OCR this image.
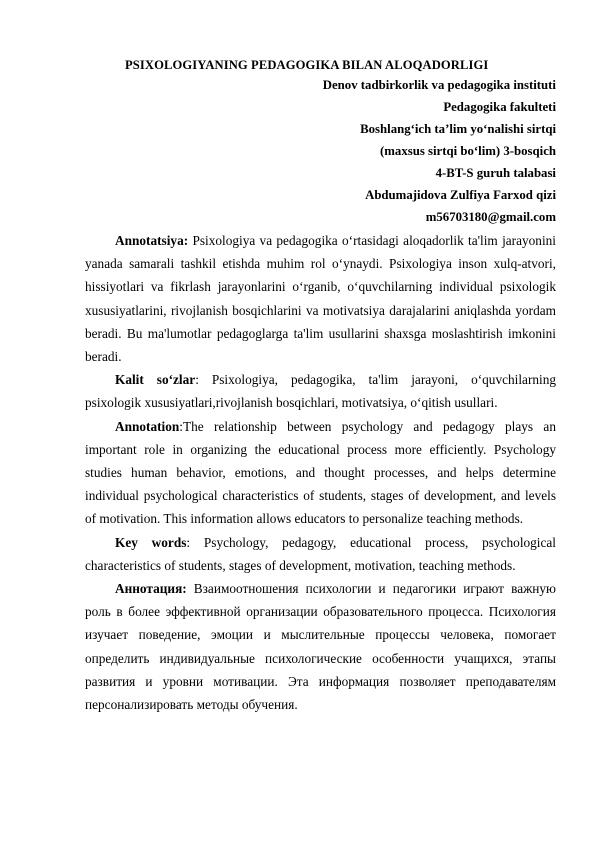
PSIXOLOGIYANING PEDAGOGIKA BILAN ALOQADORLIGI
Denov tadbirkorlik va pedagogika instituti
Pedagogika fakulteti
Boshlang‘ich ta’lim yo‘nalishi sirtqi
(maxsus sirtqi bo‘lim) 3-bosqich
4-BT-S guruh talabasi
Abdumajidova Zulfiya Farxod qizi
m56703180@gmail.com

Annotatsiya: Psixologiya va pedagogika o‘rtasidagi aloqadorlik ta'lim jarayonini yanada samarali tashkil etishda muhim rol o‘ynaydi. Psixologiya inson xulq-atvori, hissiyotlari va fikrlash jarayonlarini o‘rganib, o‘quvchilarning individual psixologik xususiyatlarini, rivojlanish bosqichlarini va motivatsiya darajalarini aniqlashda yordam beradi. Bu ma'lumotlar pedagoglarga ta'lim usullarini shaxsga moslashtirish imkonini beradi.

Kalit so‘zlar: Psixologiya, pedagogika, ta'lim jarayoni, o‘quvchilarning psixologik xususiyatlari,rivojlanish bosqichlari, motivatsiya, o‘qitish usullari.

Annotation:The relationship between psychology and pedagogy plays an important role in organizing the educational process more efficiently. Psychology studies human behavior, emotions, and thought processes, and helps determine individual psychological characteristics of students, stages of development, and levels of motivation. This information allows educators to personalize teaching methods.

Key words: Psychology, pedagogy, educational process, psychological characteristics of students, stages of development, motivation, teaching methods.

Аннотация: Взаимоотношения психологии и педагогики играют важную роль в более эффективной организации образовательного процесса. Психология изучает поведение, эмоции и мыслительные процессы человека, помогает определить индивидуальные психологические особенности учащихся, этапы развития и уровни мотивации. Эта информация позволяет преподавателям персонализировать методы обучения.
